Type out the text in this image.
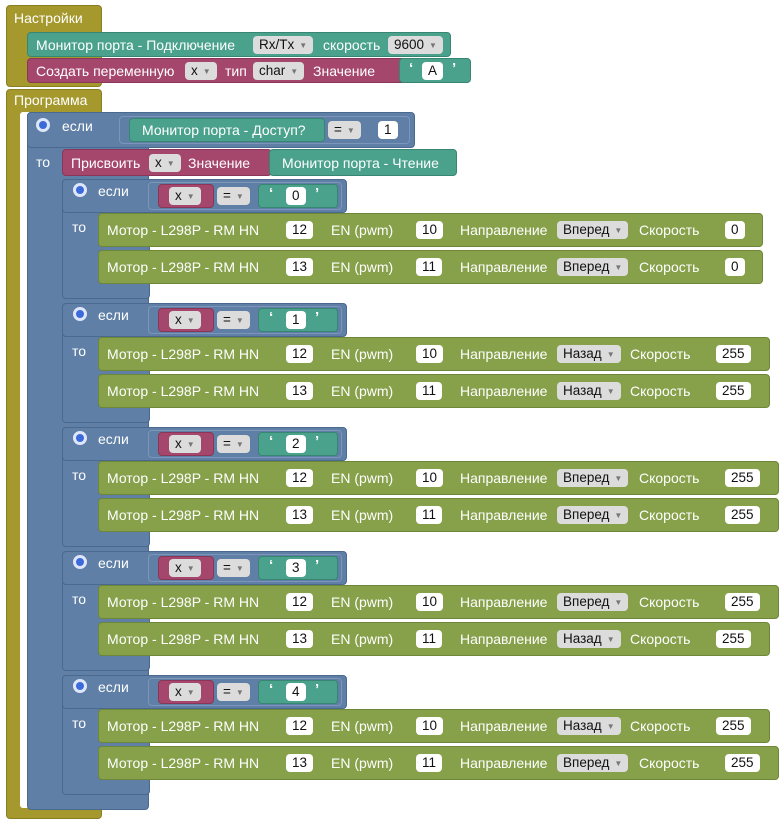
Настройки
Монитор порта - Подключение	Rx/Tx ▼	скорость	9600 ▼
Создать переменную	x ▼	тип char ▼	Значение ‘	A ’
Программа
если
то
Монитор порта - Доступ?	= ▼	1
Присвоить	x ▼ Значение Монитор порта - Чтение
если
то
x ▼	= ▼	‘	0	’
Мотор - L298P - RM HN	12	EN (pwm)	10	Направление	Вперед ▼	Скорость	0
Мотор - L298P - RM HN	13	EN (pwm)	11	Направление	Вперед ▼	Скорость	0
если
то
x ▼	= ▼	‘	1	’
Мотор - L298P - RM HN	12	EN (pwm)	10	Направление	Назад ▼	Скорость	255
Мотор - L298P - RM HN	13	EN (pwm)	11	Направление	Назад ▼	Скорость	255
если
то
x ▼	= ▼	‘	2	’
Мотор - L298P - RM HN	12	EN (pwm)	10	Направление	Вперед ▼	Скорость	255
Мотор - L298P - RM HN	13	EN (pwm)	11	Направление	Вперед ▼	Скорость	255
если
то
x ▼	= ▼	‘	3	’
Мотор - L298P - RM HN	12	EN (pwm)	10	Направление	Вперед ▼	Скорость	255
Мотор - L298P - RM HN	13	EN (pwm)	11	Направление	Назад ▼	Скорость	255
если
то
x ▼	= ▼	‘	4	’
Мотор - L298P - RM HN	12	EN (pwm)	10	Направление	Назад ▼	Скорость	255
Мотор - L298P - RM HN	13	EN (pwm)	11	Направление	Вперед ▼	Скорость	255
